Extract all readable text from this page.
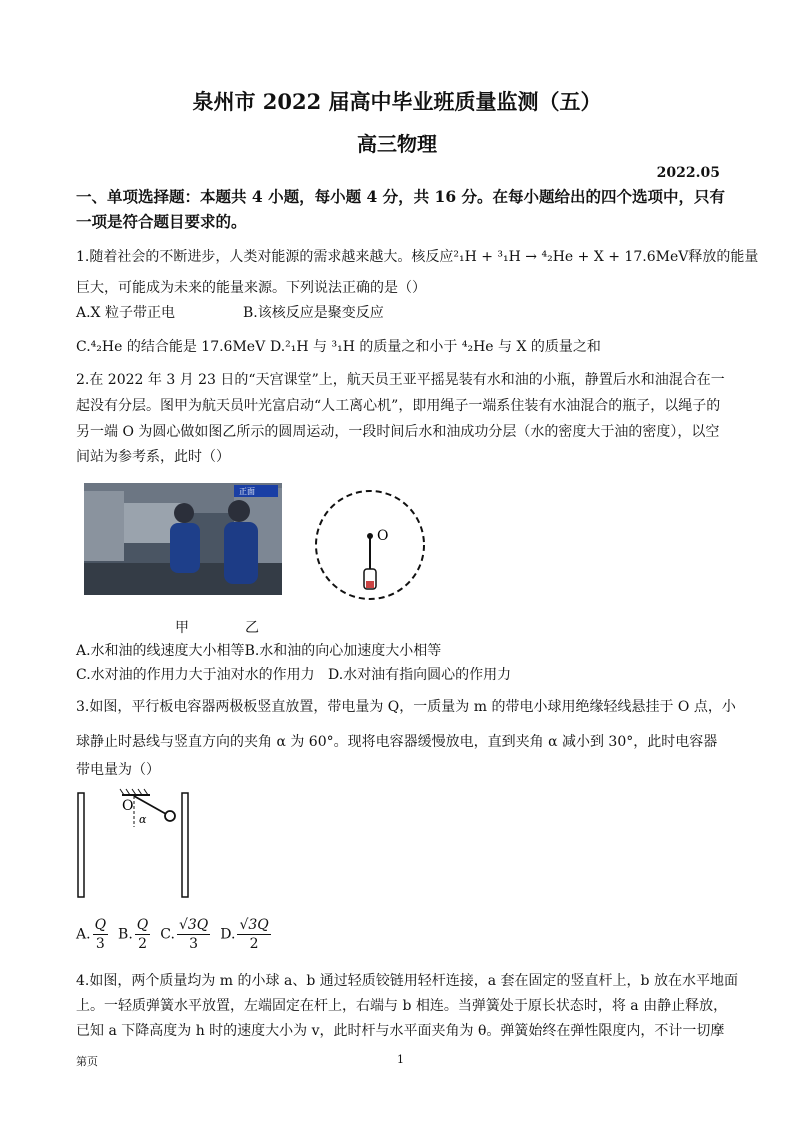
泉州市 2022 届高中毕业班质量监测（五）
高三物理
2022.05
一、单项选择题：本题共 4 小题，每小题 4 分，共 16 分。在每小题给出的四个选项中，只有
一项是符合题目要求的。
1.随着社会的不断进步，人类对能源的需求越来越大。核反应²₁H + ³₁H → ⁴₂He + X + 17.6MeV释放的能量
巨大，可能成为未来的能量来源。下列说法正确的是（）
A.X 粒子带正电	B.该核反应是聚变反应
C.⁴₂He 的结合能是 17.6MeV D.²₁H 与 ³₁H 的质量之和小于 ⁴₂He 与 X 的质量之和
2.在 2022 年 3 月 23 日的“天宫课堂”上，航天员王亚平摇晃装有水和油的小瓶，静置后水和油混合在一
起没有分层。图甲为航天员叶光富启动“人工离心机”，即用绳子一端系住装有水油混合的瓶子，以绳子的
另一端 O 为圆心做如图乙所示的圆周运动，一段时间后水和油成功分层（水的密度大于油的密度），以空
间站为参考系，此时（）
正面
O
甲	乙
A.水和油的线速度大小相等B.水和油的向心加速度大小相等
C.水对油的作用力大于油对水的作用力 D.水对油有指向圆心的作用力
3.如图，平行板电容器两极板竖直放置，带电量为 Q，一质量为 m 的带电小球用绝缘轻线悬挂于 O 点，小
球静止时悬线与竖直方向的夹角 α 为 60°。现将电容器缓慢放电，直到夹角 α 减小到 30°，此时电容器
带电量为（）
O
α
A. $\frac{Q}{3} B$. $\frac{Q}{2} C$. $\frac{√3Q}{3} D$. $\frac{√3Q}{2}$
4.如图，两个质量均为 m 的小球 a、b 通过轻质铰链用轻杆连接，a 套在固定的竖直杆上，b 放在水平地面
上。一轻质弹簧水平放置，左端固定在杆上，右端与 b 相连。当弹簧处于原长状态时，将 a 由静止释放，
已知 a 下降高度为 h 时的速度大小为 v，此时杆与水平面夹角为 θ。弹簧始终在弹性限度内，不计一切摩
第页	1
